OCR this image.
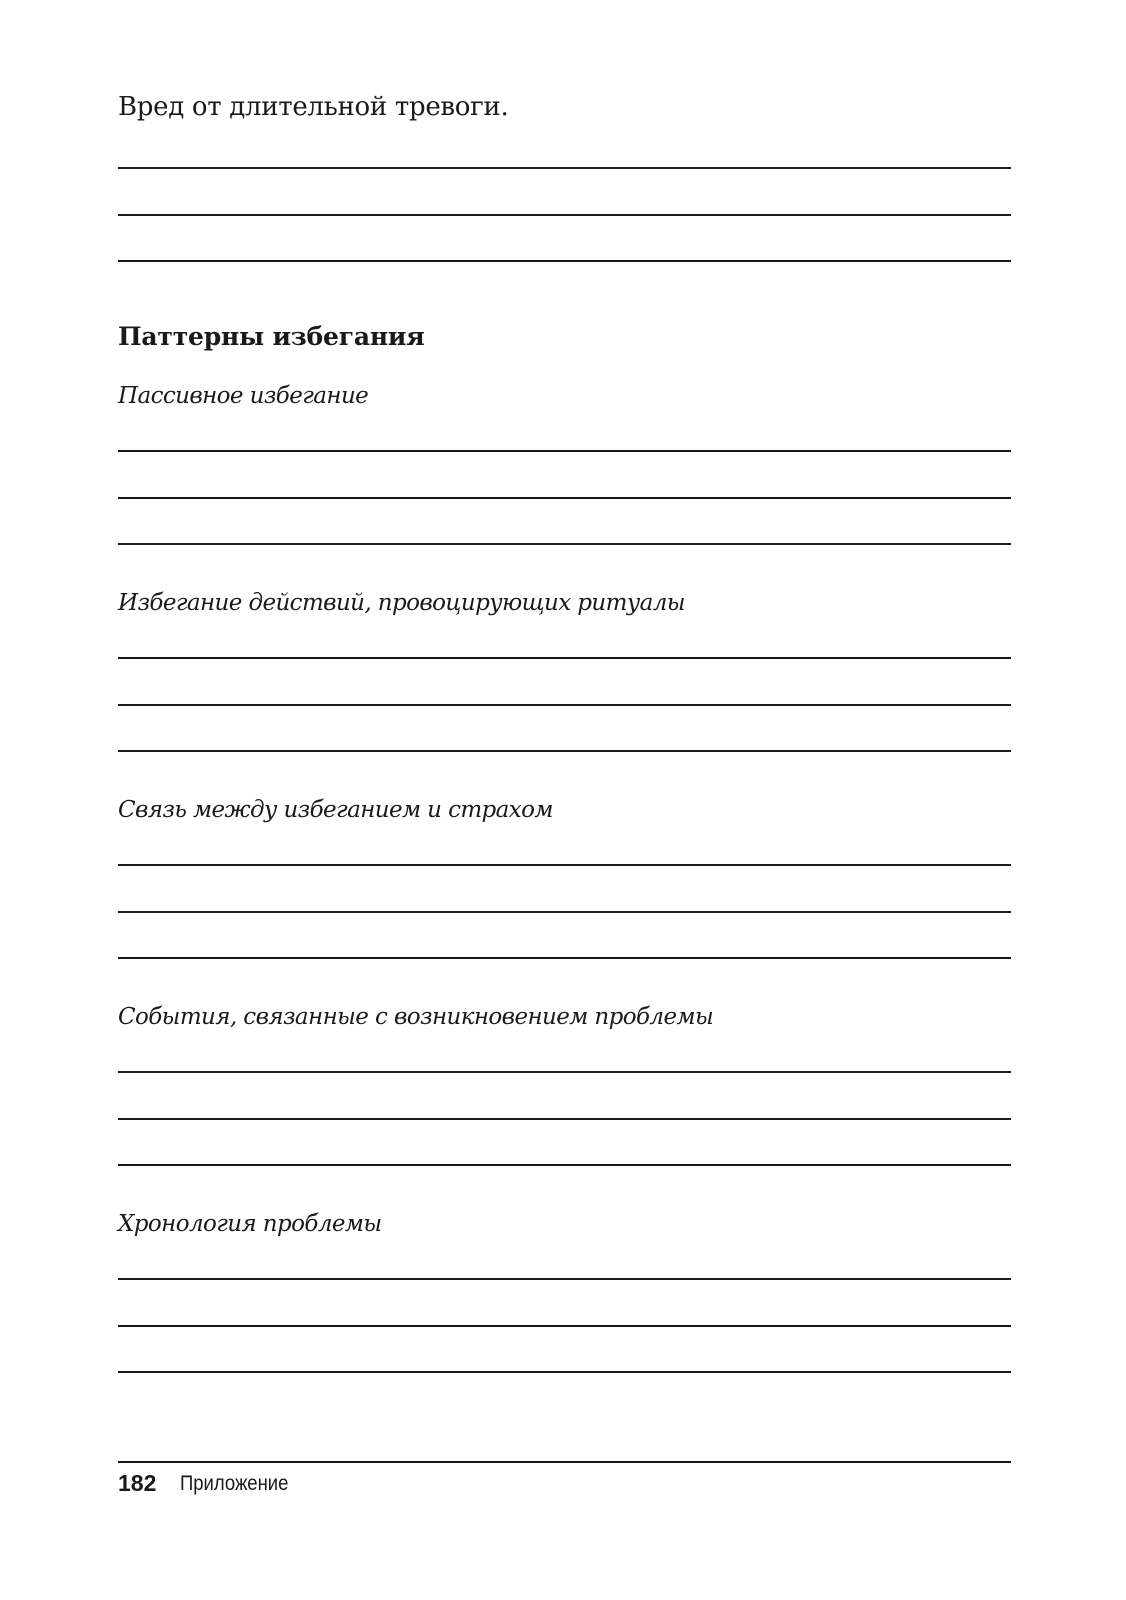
Вред от длительной тревоги.
Паттерны избегания
Пассивное избегание
Избегание действий, провоцирующих ритуалы
Связь между избеганием и страхом
События, связанные с возникновением проблемы
Хронология проблемы
182 Приложение
